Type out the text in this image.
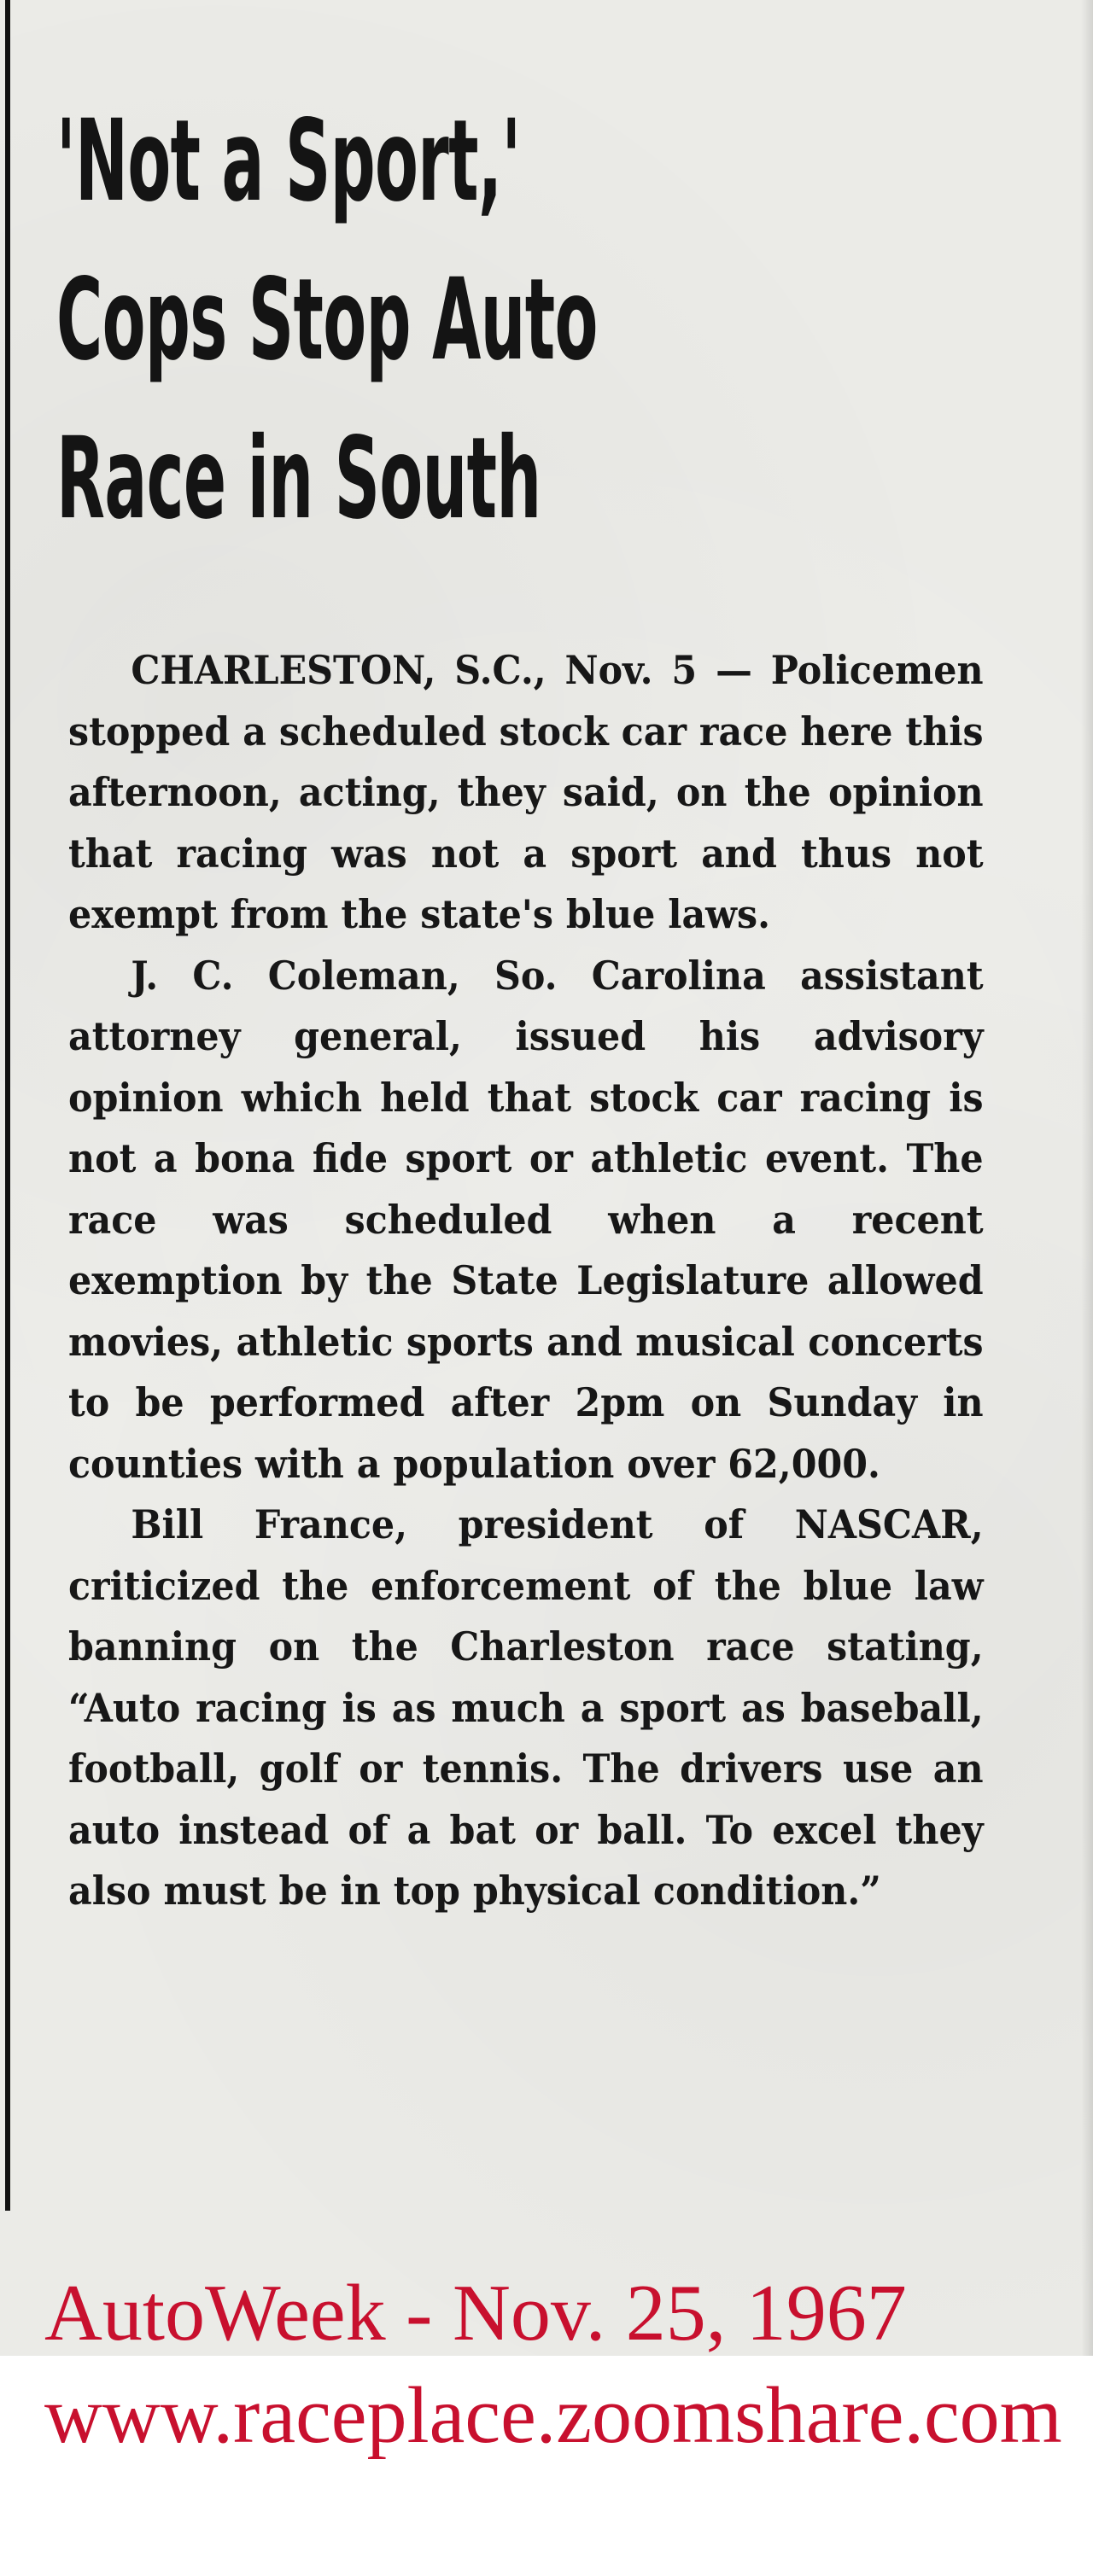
'Not a Sport,'
Cops Stop Auto
Race in South

CHARLESTON, S.C., Nov. 5 — Policemen stopped a scheduled stock car race here this afternoon, acting, they said, on the opinion that racing was not a sport and thus not exempt from the state's blue laws.

J. C. Coleman, So. Carolina assistant attorney general, issued his advisory opinion which held that stock car racing is not a bona fide sport or athletic event. The race was scheduled when a recent exemption by the State Legislature allowed movies, athletic sports and musical concerts to be performed after 2pm on Sunday in counties with a population over 62,000.

Bill France, president of NASCAR, criticized the enforcement of the blue law banning on the Charleston race stating, “Auto racing is as much a sport as baseball, football, golf or tennis. The drivers use an auto instead of a bat or ball. To excel they also must be in top physical condition.”

AutoWeek - Nov. 25, 1967

www.raceplace.zoomshare.com
